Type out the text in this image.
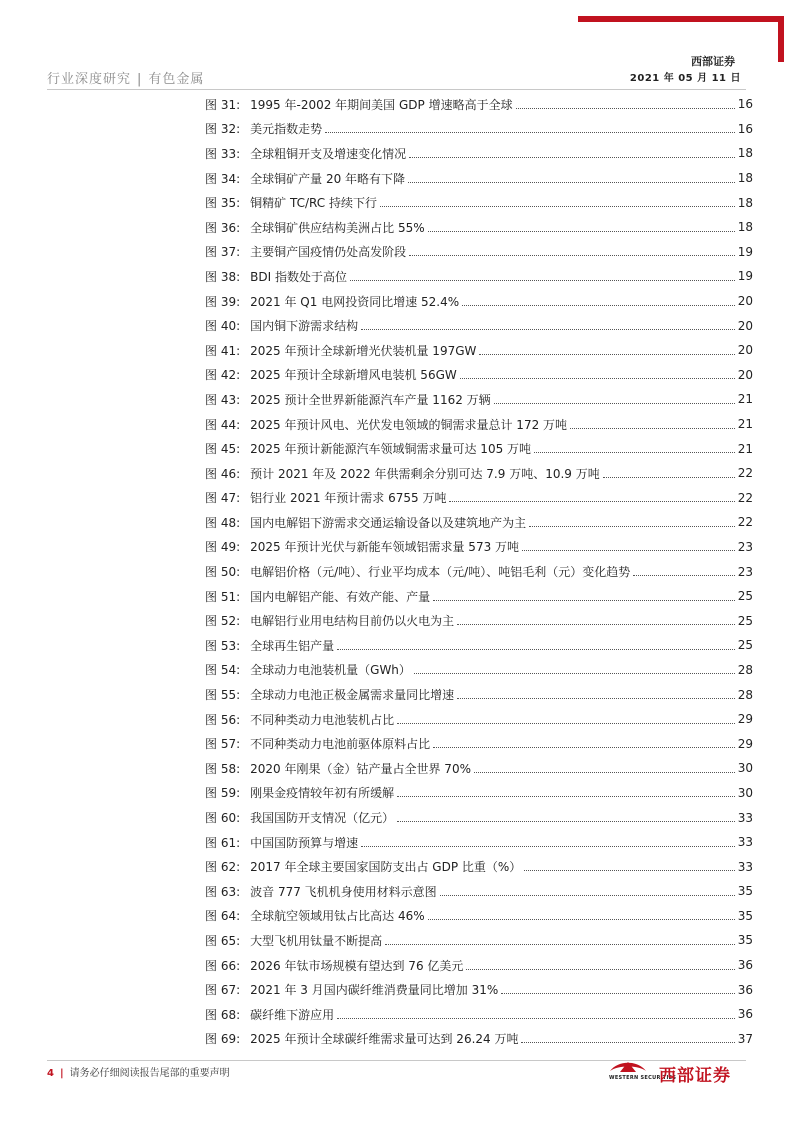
西部证券
2021 年 05 月 11 日
行业深度研究 | 有色金属
图 31: 1995 年-2002 年期间美国 GDP 增速略高于全球	16
图 32: 美元指数走势	16
图 33: 全球粗铜开支及增速变化情况	18
图 34: 全球铜矿产量 20 年略有下降	18
图 35: 铜精矿 TC/RC 持续下行	18
图 36: 全球铜矿供应结构美洲占比 55%	18
图 37: 主要铜产国疫情仍处高发阶段	19
图 38: BDI 指数处于高位	19
图 39: 2021 年 Q1 电网投资同比增速 52.4%	20
图 40: 国内铜下游需求结构	20
图 41: 2025 年预计全球新增光伏装机量 197GW	20
图 42: 2025 年预计全球新增风电装机 56GW	20
图 43: 2025 预计全世界新能源汽车产量 1162 万辆	21
图 44: 2025 年预计风电、光伏发电领域的铜需求量总计 172 万吨	21
图 45: 2025 年预计新能源汽车领域铜需求量可达 105 万吨	21
图 46: 预计 2021 年及 2022 年供需剩余分别可达 7.9 万吨、10.9 万吨	22
图 47: 铝行业 2021 年预计需求 6755 万吨	22
图 48: 国内电解铝下游需求交通运输设备以及建筑地产为主	22
图 49: 2025 年预计光伏与新能车领域铝需求量 573 万吨	23
图 50: 电解铝价格（元/吨）、行业平均成本（元/吨）、吨铝毛利（元）变化趋势	23
图 51: 国内电解铝产能、有效产能、产量	25
图 52: 电解铝行业用电结构目前仍以火电为主	25
图 53: 全球再生铝产量	25
图 54: 全球动力电池装机量（GWh）	28
图 55: 全球动力电池正极金属需求量同比增速	28
图 56: 不同种类动力电池装机占比	29
图 57: 不同种类动力电池前驱体原料占比	29
图 58: 2020 年刚果（金）钴产量占全世界 70%	30
图 59: 刚果金疫情较年初有所缓解	30
图 60: 我国国防开支情况（亿元）	33
图 61: 中国国防预算与增速	33
图 62: 2017 年全球主要国家国防支出占 GDP 比重（%）	33
图 63: 波音 777 飞机机身使用材料示意图	35
图 64: 全球航空领域用钛占比高达 46%	35
图 65: 大型飞机用钛量不断提高	35
图 66: 2026 年钛市场规模有望达到 76 亿美元	36
图 67: 2021 年 3 月国内碳纤维消费量同比增加 31%	36
图 68: 碳纤维下游应用	36
图 69: 2025 年预计全球碳纤维需求量可达到 26.24 万吨	37
4 | 请务必仔细阅读报告尾部的重要声明	WESTERN SECURITIES
西部证券
